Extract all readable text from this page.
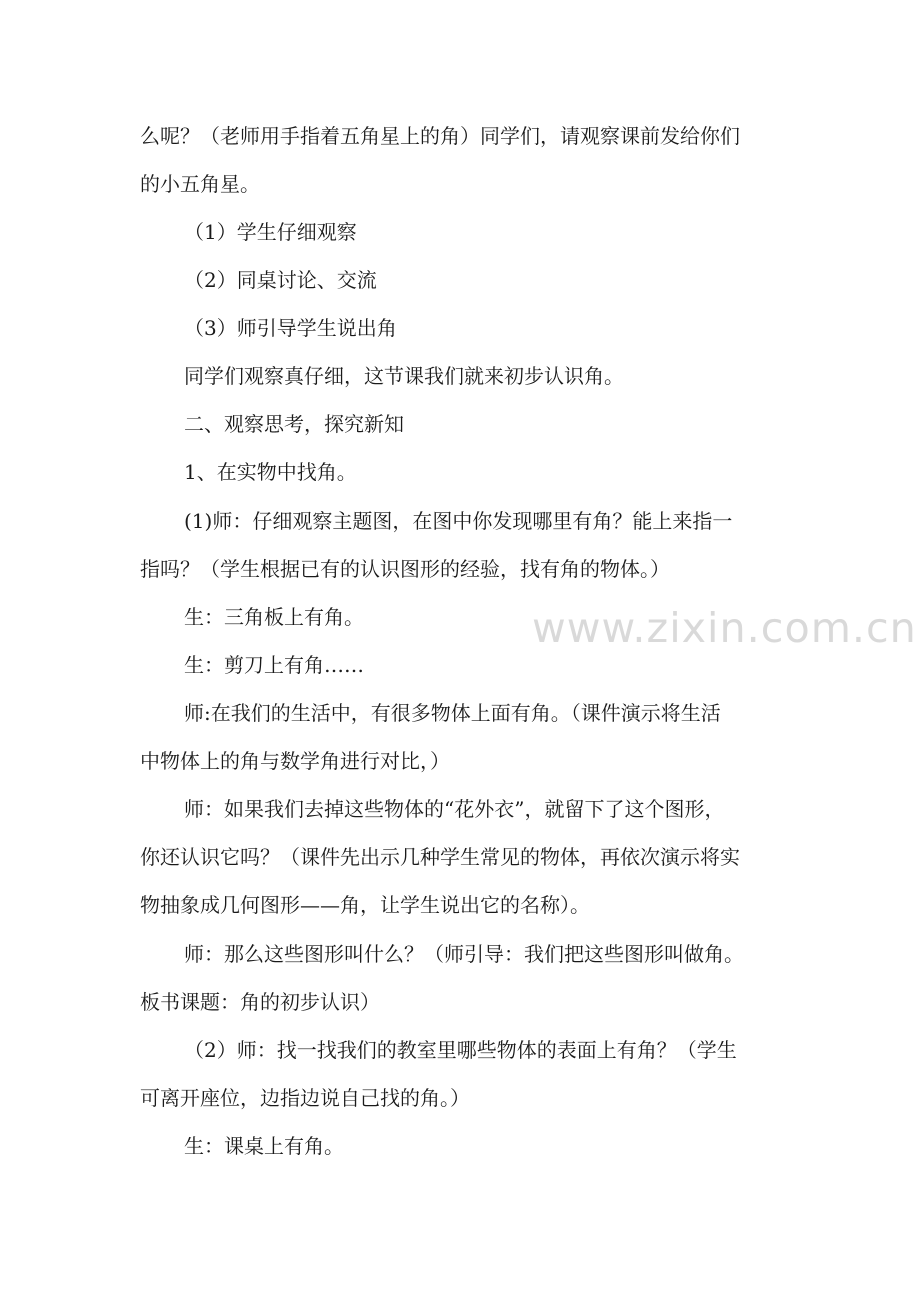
么呢？（老师用手指着五角星上的角）同学们，请观察课前发给你们
的小五角星。
（1）学生仔细观察
（2）同桌讨论、交流
（3）师引导学生说出角
同学们观察真仔细，这节课我们就来初步认识角。
二、观察思考，探究新知
1、在实物中找角。
(1)师：仔细观察主题图，在图中你发现哪里有角？能上来指一
指吗？（学生根据已有的认识图形的经验，找有角的物体。）
生：三角板上有角。
生：剪刀上有角……
师:在我们的生活中，有很多物体上面有角。（课件演示将生活
中物体上的角与数学角进行对比，）
师：如果我们去掉这些物体的“花外衣”，就留下了这个图形，
你还认识它吗？（课件先出示几种学生常见的物体，再依次演示将实
物抽象成几何图形——角，让学生说出它的名称）。
师：那么这些图形叫什么？（师引导：我们把这些图形叫做角。
板书课题：角的初步认识）
（2）师：找一找我们的教室里哪些物体的表面上有角？（学生
可离开座位，边指边说自己找的角。）
生：课桌上有角。
www.zixin.com.cn
